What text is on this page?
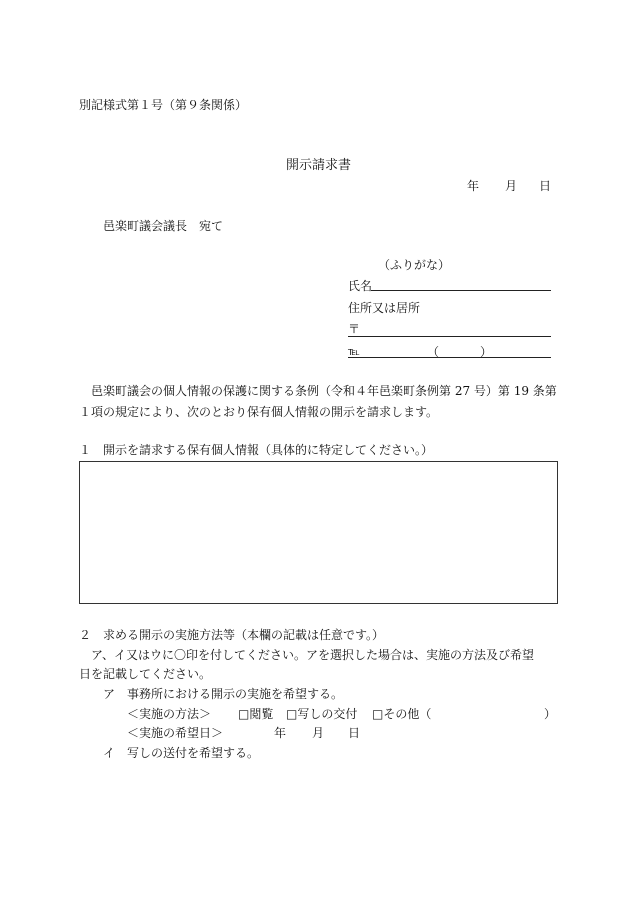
別記様式第１号（第９条関係）
開示請求書
年 月 日
邑楽町議会議長　宛て
（ふりがな）
氏名
住所又は居所
〒
℡	（	）
邑楽町議会の個人情報の保護に関する条例（令和４年邑楽町条例第 27 号）第 19 条第
１項の規定により、次のとおり保有個人情報の開示を請求します。
１　開示を請求する保有個人情報（具体的に特定してください。）
２　求める開示の実施方法等（本欄の記載は任意です。）
ア、イ又はウに〇印を付してください。アを選択した場合は、実施の方法及び希望
日を記載してください。
ア　事務所における開示の実施を希望する。
＜実施の方法＞ □閲覧 □写しの交付 □その他（	）
＜実施の希望日＞	年 月 日
イ　写しの送付を希望する。
